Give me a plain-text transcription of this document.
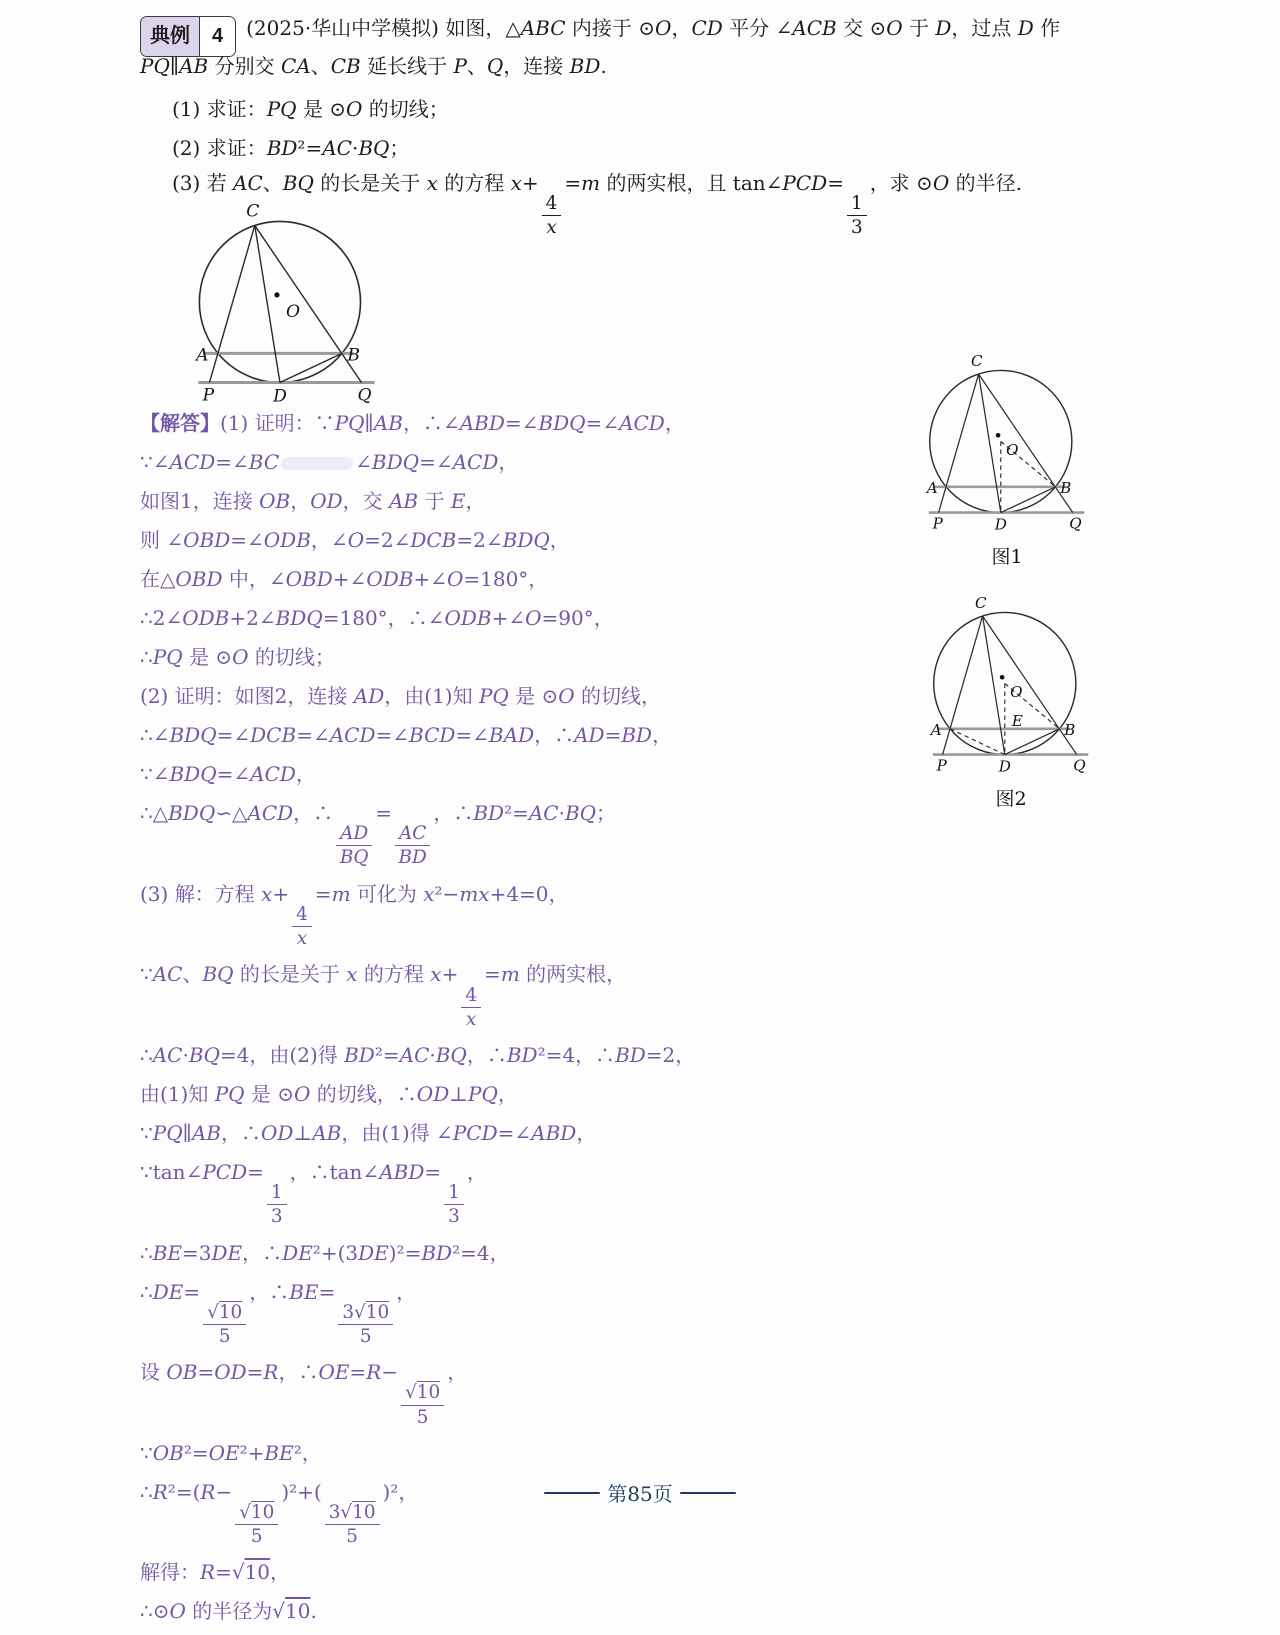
典例	4	(2025·华山中学模拟) 如图，△ABC 内接于 ⊙O，CD 平分 ∠ACB 交 ⊙O 于 D，过点 D 作
PQ∥AB 分别交 CA、CB 延长线于 P、Q，连接 BD.
(1) 求证：PQ 是 ⊙O 的切线；
(2) 求证：BD²=AC·BQ；
(3) 若 AC、BQ 的长是关于 x 的方程 x+
$\frac{4}{x}$
=m 的两实根，且 tan∠PCD=
$\frac{1}{3}$
，求 ⊙O 的半径.
C
O
A	B
P	D	Q
C
O
A	B
P	D	Q
图1
C
O
E
A	B
P	D	Q
图2
【解答】(1) 证明：∵PQ∥AB，∴∠ABD=∠BDQ=∠ACD，
∵∠ACD=∠BC	∠BDQ=∠ACD，
如图1，连接 OB，OD，交 AB 于 E，
则 ∠OBD=∠ODB，∠O=2∠DCB=2∠BDQ，
在△OBD 中，∠OBD+∠ODB+∠O=180°，
∴2∠ODB+2∠BDQ=180°，∴∠ODB+∠O=90°，
∴PQ 是 ⊙O 的切线；
(2) 证明：如图2，连接 AD，由(1)知 PQ 是 ⊙O 的切线，
∴∠BDQ=∠DCB=∠ACD=∠BCD=∠BAD，∴AD=BD，
∵∠BDQ=∠ACD，
∴△BDQ∽△ACD，∴
$\frac{AD}{BQ}$
=
$\frac{AC}{BD}$
，∴BD²=AC·BQ；
(3) 解：方程 x+
$\frac{4}{x}$
=m 可化为 x²−mx+4=0，
∵AC、BQ 的长是关于 x 的方程 x+
$\frac{4}{x}$
=m 的两实根，
∴AC·BQ=4，由(2)得 BD²=AC·BQ，∴BD²=4，∴BD=2，
由(1)知 PQ 是 ⊙O 的切线，∴OD⊥PQ，
∵PQ∥AB，∴OD⊥AB，由(1)得 ∠PCD=∠ABD，
∵tan∠PCD=
$\frac{1}{3}$
，∴tan∠ABD=
$\frac{1}{3}$
，
∴BE=3DE，∴DE²+(3DE)²=BD²=4，
∴DE=
$\frac{√10}{5}$
，∴BE=
$\frac{3√10}{5}$
，
设 OB=OD=R，∴OE=R−
$\frac{√10}{5}$
，
∵OB²=OE²+BE²，
∴R²=(R−
$\frac{√10}{5}$
)²+(
$\frac{3√10}{5}$
)²，
解得：R=√10，
∴⊙O 的半径为√10.
第85页
